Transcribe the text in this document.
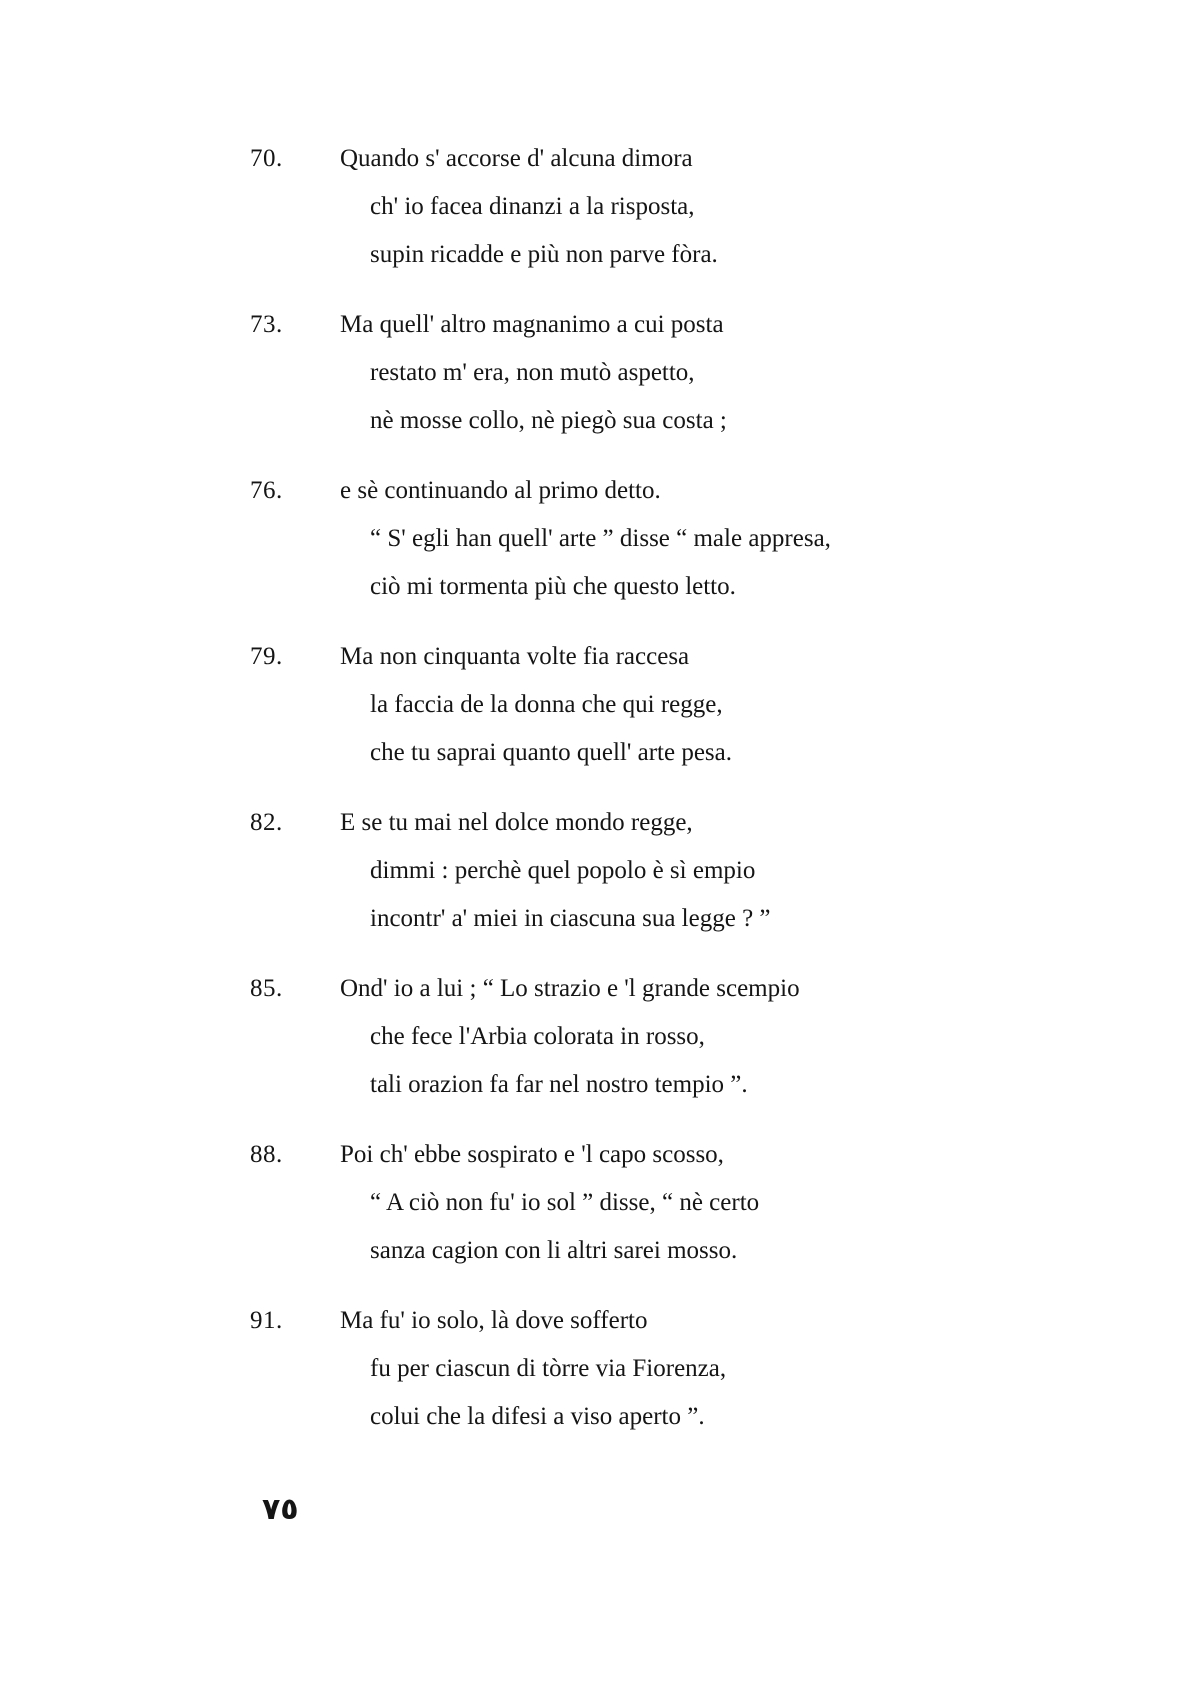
70. Quando s' accorse d' alcuna dimora
ch' io facea dinanzi a la risposta,
supin ricadde e più non parve fòra.
73. Ma quell' altro magnanimo a cui posta
restato m' era, non mutò aspetto,
nè mosse collo, nè piegò sua costa ;
76. e sè continuando al primo detto.
“ S' egli han quell' arte ” disse “ male appresa,
ciò mi tormenta più che questo letto.
79. Ma non cinquanta volte fia raccesa
la faccia de la donna che qui regge,
che tu saprai quanto quell' arte pesa.
82. E se tu mai nel dolce mondo regge,
dimmi : perchè quel popolo è sì empio
incontr' a' miei in ciascuna sua legge ? ”
85. Ond' io a lui ; “ Lo strazio e 'l grande scempio
che fece l'Arbia colorata in rosso,
tali orazion fa far nel nostro tempio ”.
88. Poi ch' ebbe sospirato e 'l capo scosso,
“ A ciò non fu' io sol ” disse, “ nè certo
sanza cagion con li altri sarei mosso.
91. Ma fu' io solo, là dove sofferto
fu per ciascun di tòrre via Fiorenza,
colui che la difesi a viso aperto ”.
٧٥
